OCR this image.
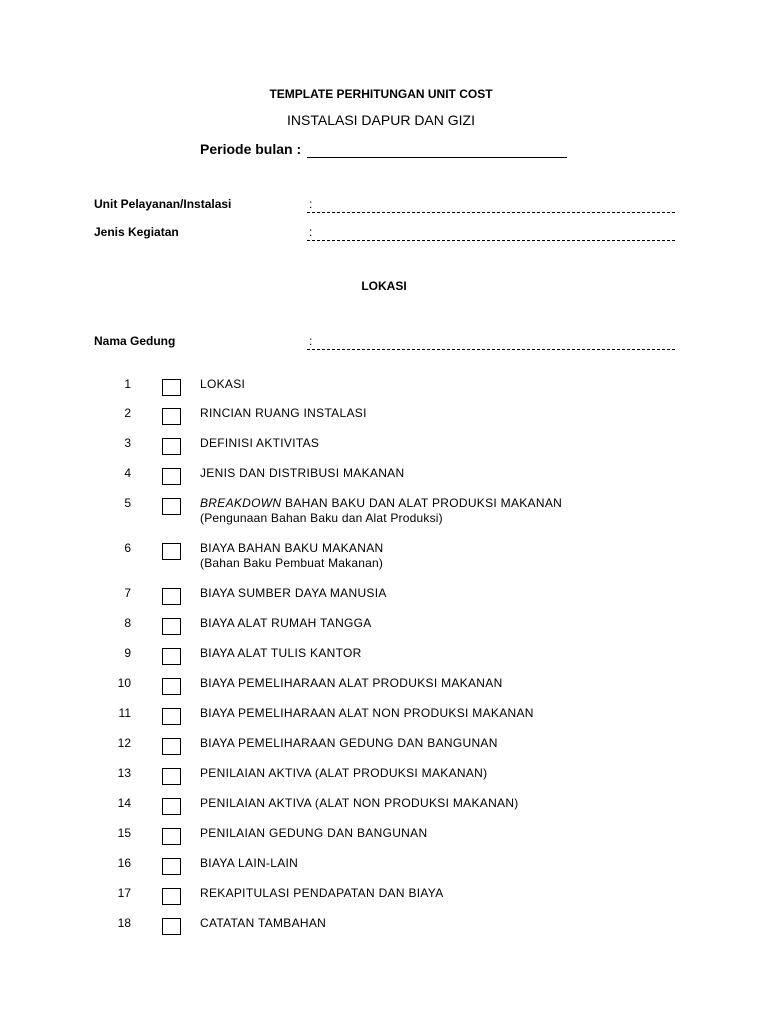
TEMPLATE PERHITUNGAN UNIT COST
INSTALASI DAPUR DAN GIZI
Periode bulan :
Unit Pelayanan/Instalasi	:
Jenis Kegiatan	:
LOKASI
Nama Gedung	:
1	LOKASI
2	RINCIAN RUANG INSTALASI
3	DEFINISI AKTIVITAS
4	JENIS DAN DISTRIBUSI MAKANAN
5	BREAKDOWN BAHAN BAKU DAN ALAT PRODUKSI MAKANAN
(Pengunaan Bahan Baku dan Alat Produksi)
6	BIAYA BAHAN BAKU MAKANAN
(Bahan Baku Pembuat Makanan)
7	BIAYA SUMBER DAYA MANUSIA
8	BIAYA ALAT RUMAH TANGGA
9	BIAYA ALAT TULIS KANTOR
10	BIAYA PEMELIHARAAN ALAT PRODUKSI MAKANAN
11	BIAYA PEMELIHARAAN ALAT NON PRODUKSI MAKANAN
12	BIAYA PEMELIHARAAN GEDUNG DAN BANGUNAN
13	PENILAIAN AKTIVA (ALAT PRODUKSI MAKANAN)
14	PENILAIAN AKTIVA (ALAT NON PRODUKSI MAKANAN)
15	PENILAIAN GEDUNG DAN BANGUNAN
16	BIAYA LAIN-LAIN
17	REKAPITULASI PENDAPATAN DAN BIAYA
18	CATATAN TAMBAHAN
